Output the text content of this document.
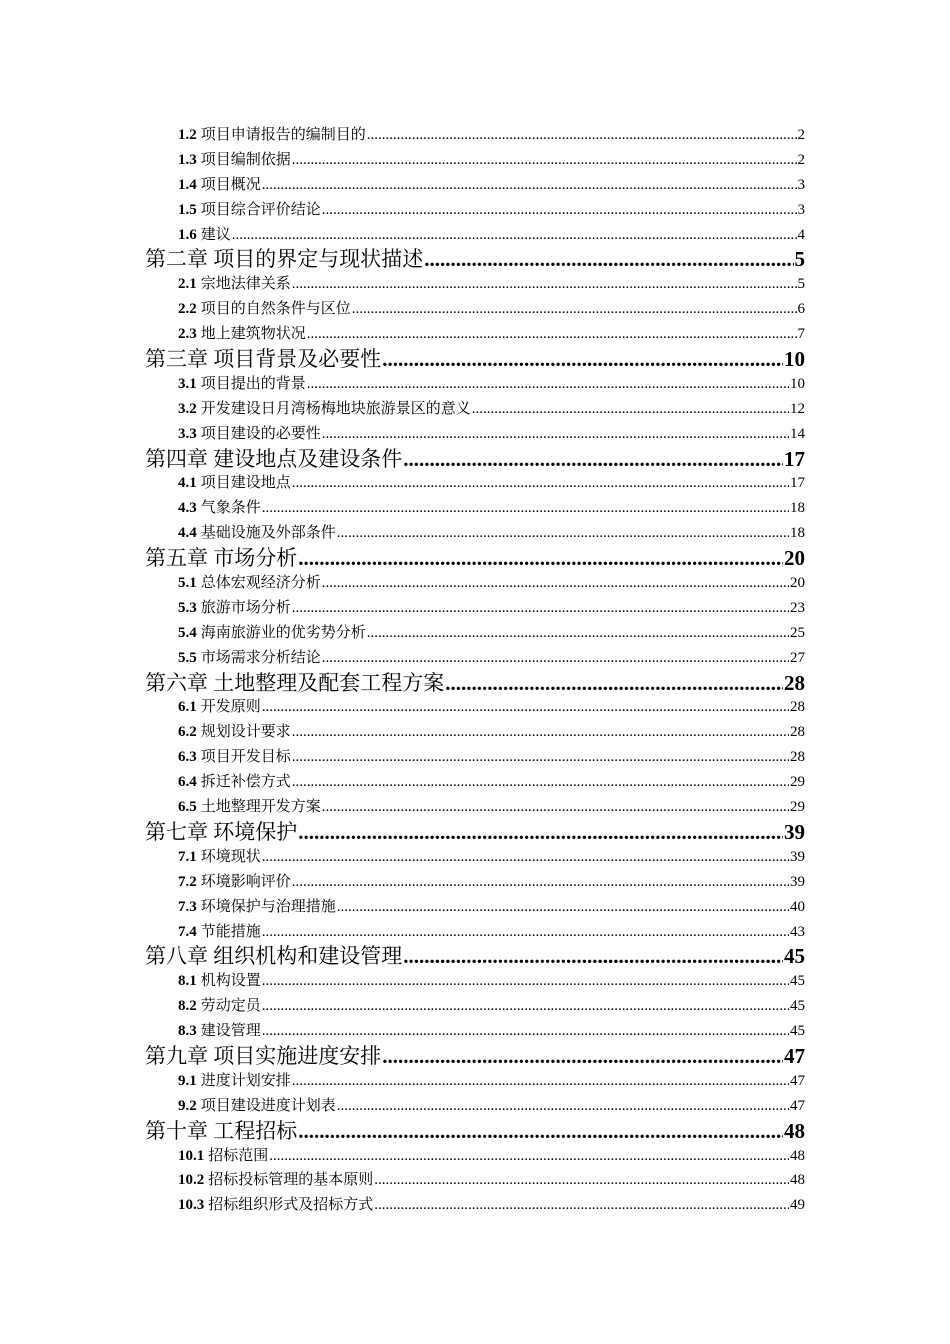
1.2 项目申请报告的编制目的 .....	2
1.3 项目编制依据 .....	2
1.4 项目概况 .....	3
1.5 项目综合评价结论 .....	3
1.6 建议 .....	4
第二章 项目的界定与现状描述 .....	5
2.1 宗地法律关系 .....	5
2.2 项目的自然条件与区位 .....	6
2.3 地上建筑物状况 .....	7
第三章 项目背景及必要性 .....	10
3.1 项目提出的背景 .....	10
3.2 开发建设日月湾杨梅地块旅游景区的意义 .....	12
3.3 项目建设的必要性 .....	14
第四章 建设地点及建设条件 .....	17
4.1 项目建设地点 .....	17
4.3 气象条件 .....	18
4.4 基础设施及外部条件 .....	18
第五章 市场分析 .....	20
5.1 总体宏观经济分析 .....	20
5.3 旅游市场分析 .....	23
5.4 海南旅游业的优劣势分析 .....	25
5.5 市场需求分析结论 .....	27
第六章 土地整理及配套工程方案 .....	28
6.1 开发原则 .....	28
6.2 规划设计要求 .....	28
6.3 项目开发目标 .....	28
6.4 拆迁补偿方式 .....	29
6.5 土地整理开发方案 .....	29
第七章 环境保护 .....	39
7.1 环境现状 .....	39
7.2 环境影响评价 .....	39
7.3 环境保护与治理措施 .....	40
7.4 节能措施 .....	43
第八章 组织机构和建设管理 .....	45
8.1 机构设置 .....	45
8.2 劳动定员 .....	45
8.3 建设管理 .....	45
第九章 项目实施进度安排 .....	47
9.1 进度计划安排 .....	47
9.2 项目建设进度计划表 .....	47
第十章 工程招标 .....	48
10.1 招标范围 .....	48
10.2 招标投标管理的基本原则 .....	48
10.3 招标组织形式及招标方式 .....	49
